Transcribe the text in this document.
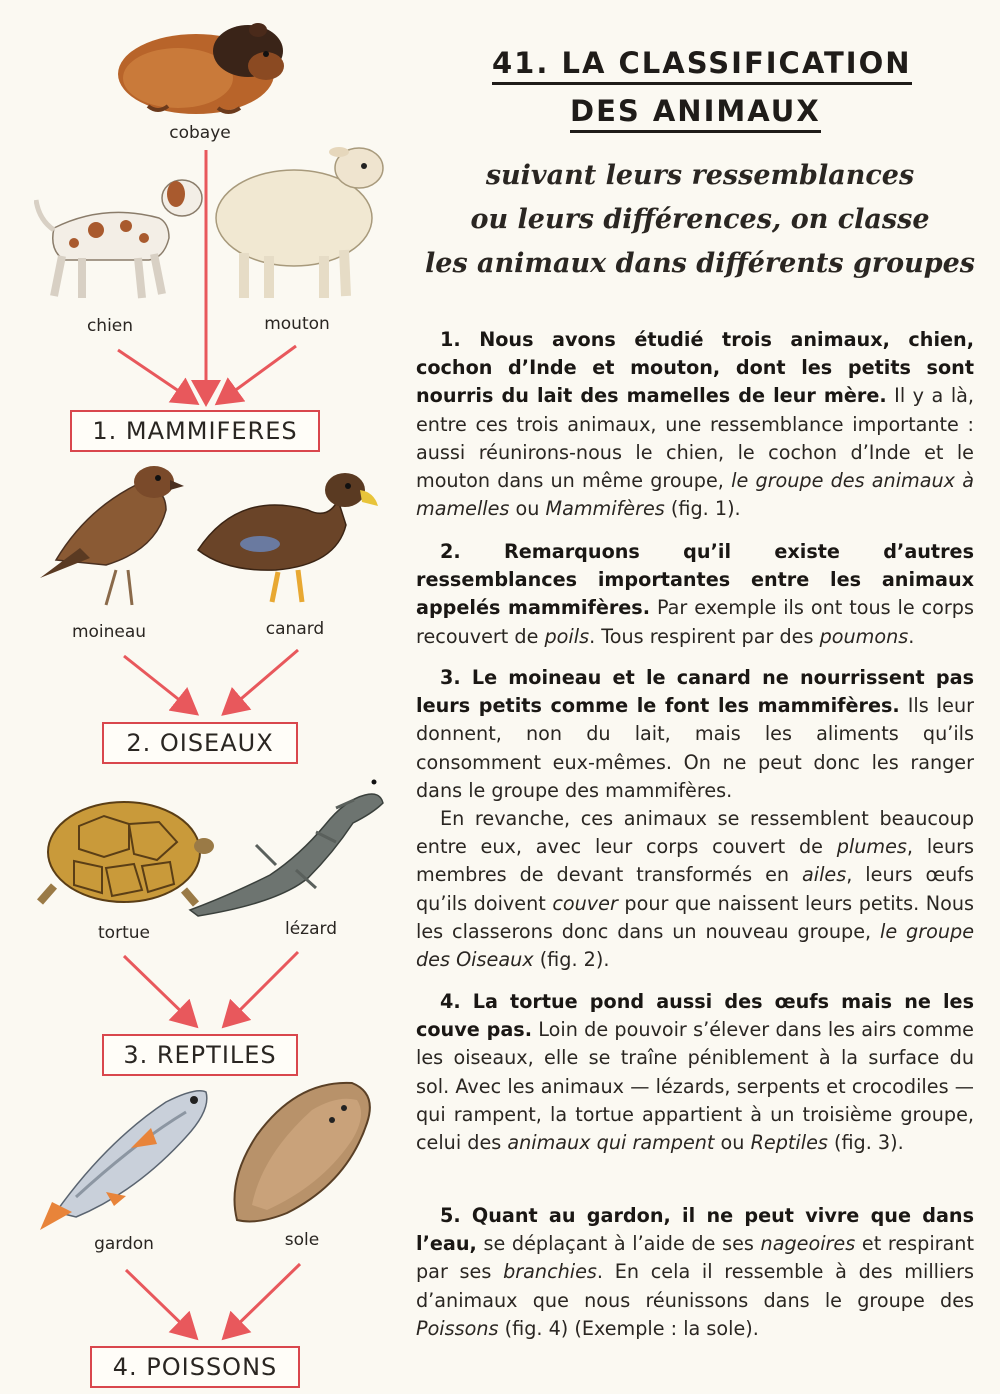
cobaye
chien	mouton
moineau	canard
tortue	lézard
gardon	sole
1. MAMMIFERES
2. OISEAUX
3. REPTILES
4. POISSONS
41. LA CLASSIFICATION
DES ANIMAUX
suivant leurs ressemblances
ou leurs différences, on classe
les animaux dans différents groupes

1. Nous avons étudié trois animaux, chien, cochon d’Inde et mouton, dont les petits sont nourris du lait des mamelles de leur mère. Il y a là, entre ces trois animaux, une ressemblance importante : aussi réunirons-nous le chien, le cochon d’Inde et le mouton dans un même groupe, le groupe des animaux à mamelles ou Mammifères (fig. 1).

2. Remarquons qu’il existe d’autres ressemblances importantes entre les animaux appelés mammifères. Par exemple ils ont tous le corps recouvert de poils. Tous respirent par des poumons.

3. Le moineau et le canard ne nourrissent pas leurs petits comme le font les mammifères. Ils leur donnent, non du lait, mais les aliments qu’ils consomment eux-mêmes. On ne peut donc les ranger dans le groupe des mammifères.

En revanche, ces animaux se ressemblent beaucoup entre eux, avec leur corps couvert de plumes, leurs membres de devant transformés en ailes, leurs œufs qu’ils doivent couver pour que naissent leurs petits. Nous les classerons donc dans un nouveau groupe, le groupe des Oiseaux (fig. 2).

4. La tortue pond aussi des œufs mais ne les couve pas. Loin de pouvoir s’élever dans les airs comme les oiseaux, elle se traîne péniblement à la surface du sol. Avec les animaux — lézards, serpents et crocodiles — qui rampent, la tortue appartient à un troisième groupe, celui des animaux qui rampent ou Reptiles (fig. 3).

5. Quant au gardon, il ne peut vivre que dans l’eau, se déplaçant à l’aide de ses nageoires et respirant par ses branchies. En cela il ressemble à des milliers d’animaux que nous réunissons dans le groupe des Poissons (fig. 4) (Exemple : la sole).
